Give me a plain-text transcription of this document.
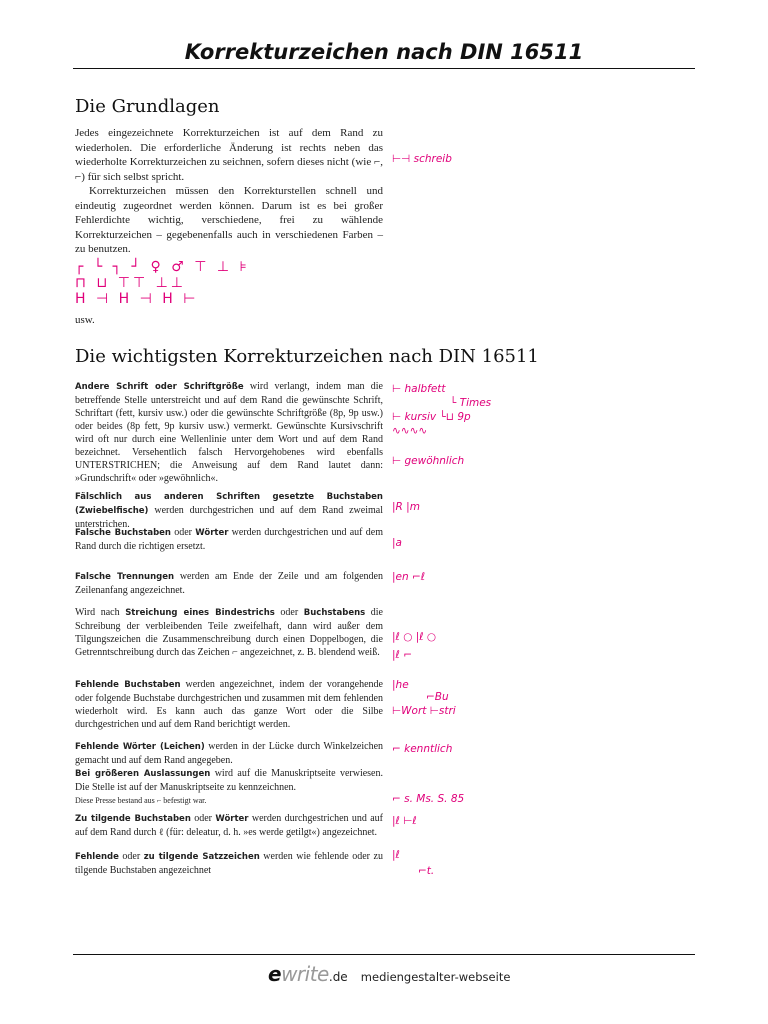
Korrekturzeichen nach DIN 16511
Die Grundlagen

Jedes eingezeichnete Korrekturzeichen ist auf dem Rand zu wiederholen. Die erforderliche Änderung ist rechts neben das wiederholte Korrekturzeichen zu seichnen, sofern dieses nicht (wie ⌐, ⌐) für sich selbst spricht.

Korrekturzeichen müssen den Korrekturstellen schnell und eindeutig zugeordnet werden können. Darum ist es bei großer Fehlerdichte wichtig, verschiedene, frei zu wählende Korrekturzeichen – gegebenenfalls auch in verschiedenen Farben – zu benutzen.

⊢⊣ schreib
┌ └ ┐ ┘ ♀ ♂ ⊤ ⊥ ⊧
⊓ ⊔ ⊤⊤ ⊥⊥
H ⊣ H ⊣ H ⊢
usw.
Die wichtigsten Korrekturzeichen nach DIN 16511

Andere Schrift oder Schriftgröße wird verlangt, indem man die betreffende Stelle unterstreicht und auf dem Rand die gewünschte Schrift, Schriftart (fett, kursiv usw.) oder die gewünschte Schriftgröße (8p, 9p usw.) oder beides (8p fett, 9p kursiv usw.) vermerkt. Gewünschte Kursivschrift wird oft nur durch eine Wellenlinie unter dem Wort und auf dem Rand bezeichnet. Versehentlich falsch Hervorgehobenes wird ebenfalls UNTERSTRICHEN; die Anweisung auf dem Rand lautet dann: »Grundschrift« oder »gewöhnlich«.

⊢ halbfett
└ Times
⊢ kursiv └⊔ 9p
∿∿∿∿
⊢ gewöhnlich

Fälschlich aus anderen Schriften gesetzte Buchstaben (Zwiebelfische) werden durchgestrichen und auf dem Rand zweimal unterstrichen.

|R |m

Falsche Buchstaben oder Wörter werden durchgestrichen und auf dem Rand durch die richtigen ersetzt.	|a

Falsche Trennungen werden am Ende der Zeile und am folgenden Zeilenanfang angezeichnet.

|en ⌐ℓ

Wird nach Streichung eines Bindestrichs oder Buchstabens die Schreibung der verbleibenden Teile zweifelhaft, dann wird außer dem Tilgungszeichen die Zusammenschreibung durch einen Doppelbogen, die Getrenntschreibung durch das Zeichen ⌐ angezeichnet, z. B. blendend weiß.

|ℓ ○ |ℓ ○
|ℓ ⌐

Fehlende Buchstaben werden angezeichnet, indem der vorangehende oder folgende Buchstabe durchgestrichen und zusammen mit dem fehlenden wiederholt wird. Es kann auch das ganze Wort oder die Silbe durchgestrichen und auf dem Rand berichtigt werden.

|he
⌐Bu
⊢Wort ⊢stri

Fehlende Wörter (Leichen) werden in der Lücke durch Winkelzeichen gemacht und auf dem Rand angegeben.

Bei größeren Auslassungen wird auf die Manuskriptseite verwiesen. Die Stelle ist auf der Manuskriptseite zu kennzeichnen.

Diese Presse bestand aus ⌐ befestigt war.

⌐ kenntlich
⌐ s. Ms. S. 85

Zu tilgende Buchstaben oder Wörter werden durchgestrichen und auf auf dem Rand durch ℓ (für: deleatur, d. h. »es werde getilgt«) angezeichnet.

|ℓ ⊢ℓ

Fehlende oder zu tilgende Satzzeichen werden wie fehlende oder zu tilgende Buchstaben angezeichnet

|ℓ
⌐t.
ewrite.de mediengestalter-webseite
